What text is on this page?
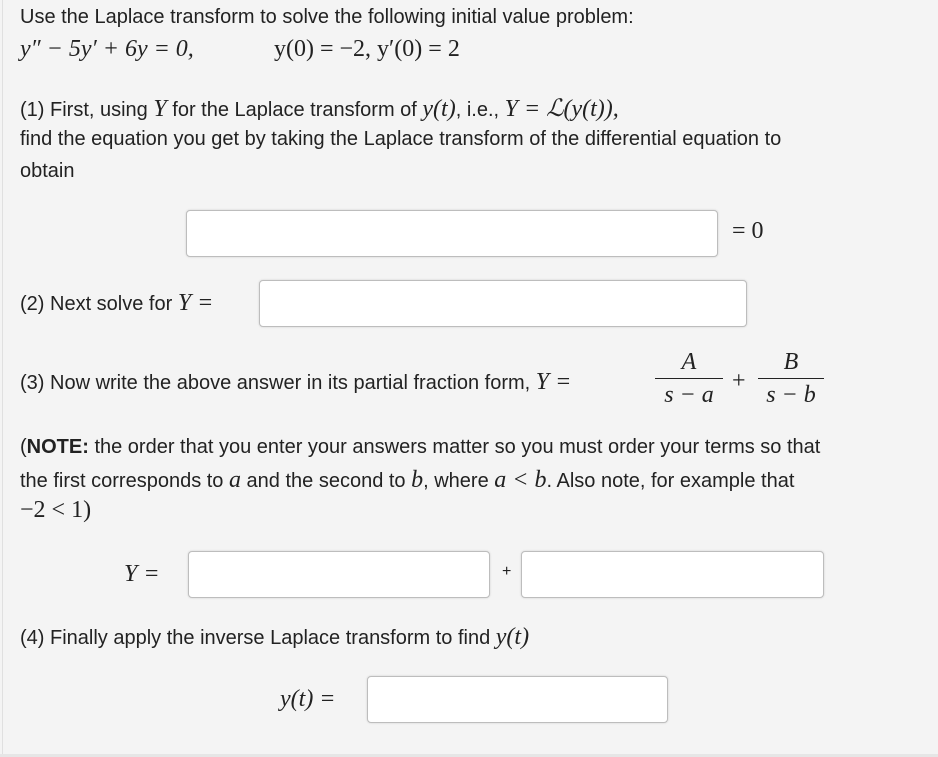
Use the Laplace transform to solve the following initial value problem:
y″ − 5y′ + 6y = 0,	y(0) = −2, y′(0) = 2
(1) First, using Y for the Laplace transform of y(t), i.e., Y = ℒ(y(t)),
find the equation you get by taking the Laplace transform of the differential equation to
obtain
= 0
(2) Next solve for Y =
(3) Now write the above answer in its partial fraction form, Y =
A
s − a
+
B
s − b
(NOTE: the order that you enter your answers matter so you must order your terms so that
the first corresponds to a and the second to b, where a < b. Also note, for example that
−2 < 1)
Y =	+
(4) Finally apply the inverse Laplace transform to find y(t)
y(t) =
